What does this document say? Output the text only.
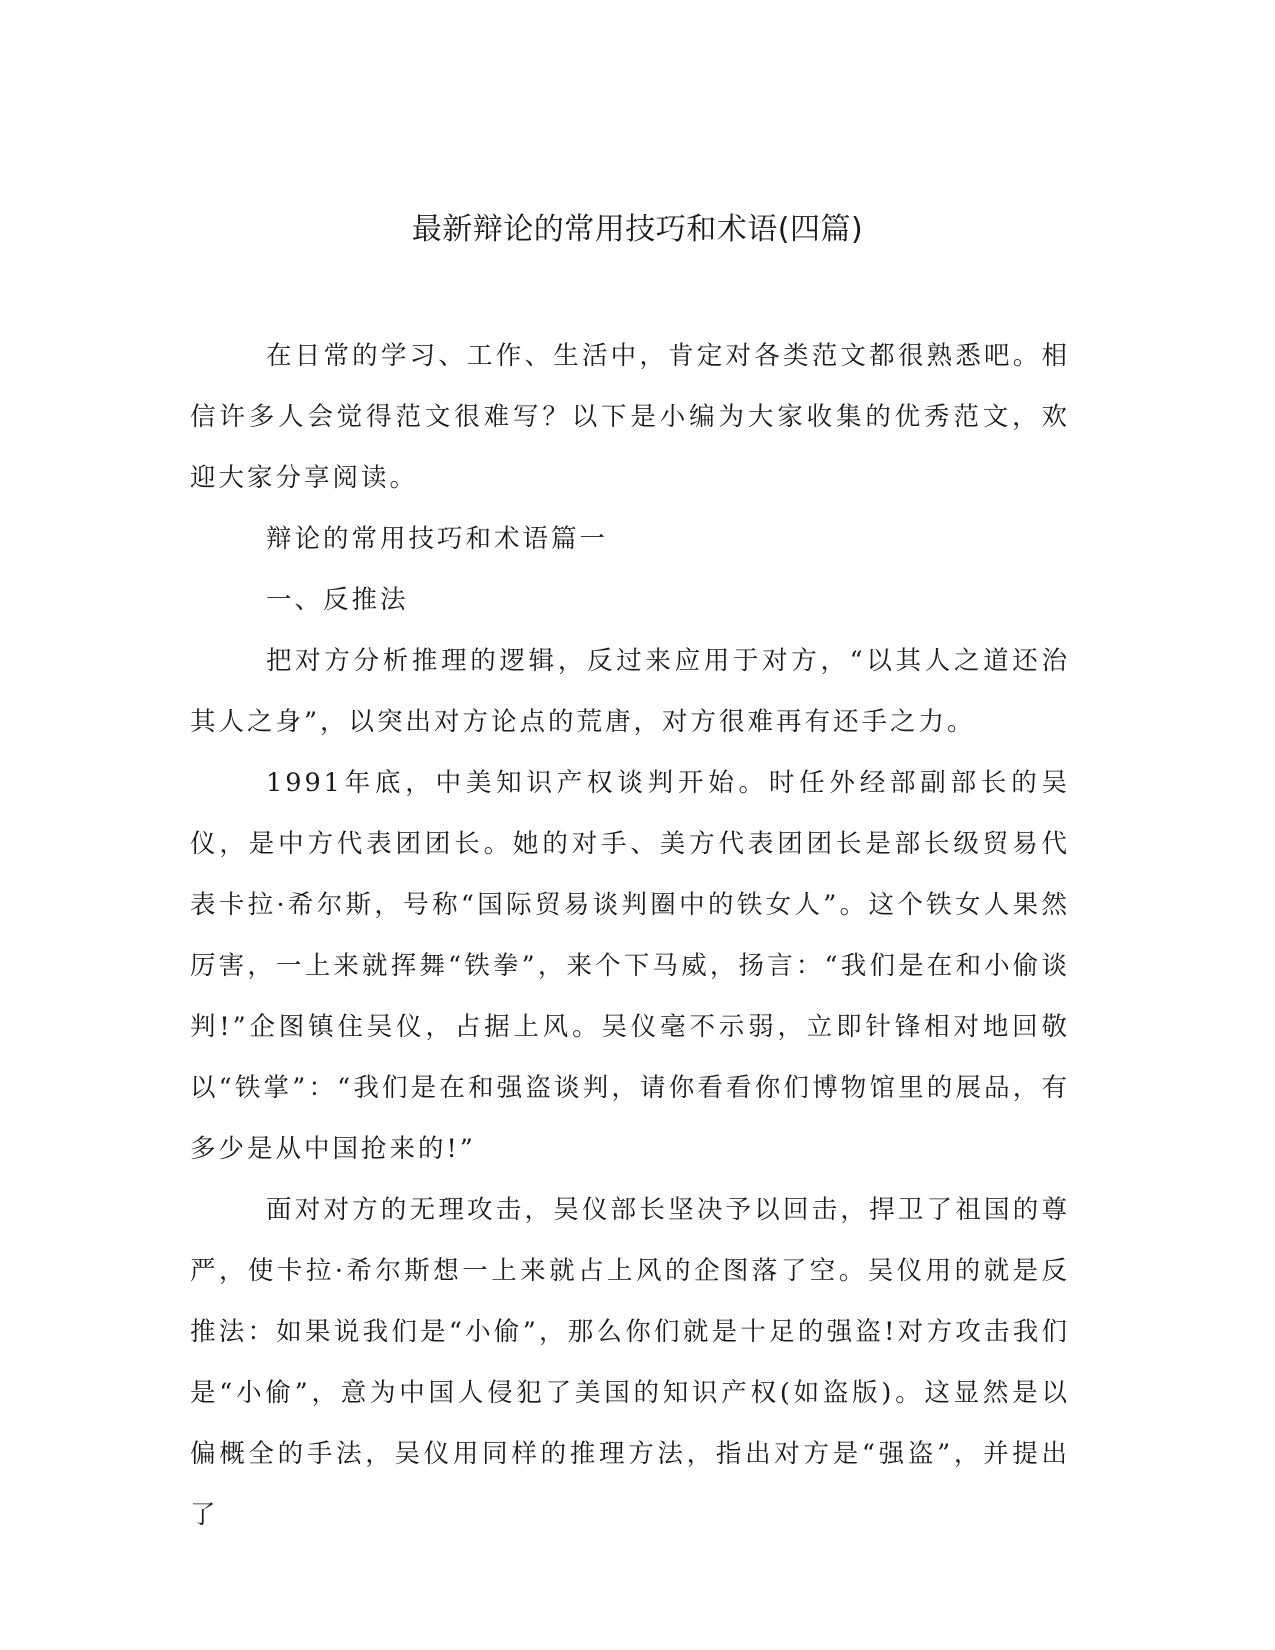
最新辩论的常用技巧和术语(四篇)

在日常的学习、工作、生活中，肯定对各类范文都很熟悉吧。相信许多人会觉得范文很难写？以下是小编为大家收集的优秀范文，欢迎大家分享阅读。

辩论的常用技巧和术语篇一

一、反推法

把对方分析推理的逻辑，反过来应用于对方，“以其人之道还治其人之身”，以突出对方论点的荒唐，对方很难再有还手之力。

1991年底，中美知识产权谈判开始。时任外经部副部长的吴仪，是中方代表团团长。她的对手、美方代表团团长是部长级贸易代表卡拉·希尔斯，号称“国际贸易谈判圈中的铁女人”。这个铁女人果然厉害，一上来就挥舞“铁拳”，来个下马威，扬言：“我们是在和小偷谈判!”企图镇住吴仪，占据上风。吴仪毫不示弱，立即针锋相对地回敬以“铁掌”：“我们是在和强盗谈判，请你看看你们博物馆里的展品，有多少是从中国抢来的!”

面对对方的无理攻击，吴仪部长坚决予以回击，捍卫了祖国的尊严，使卡拉·希尔斯想一上来就占上风的企图落了空。吴仪用的就是反推法：如果说我们是“小偷”，那么你们就是十足的强盗!对方攻击我们是“小偷”，意为中国人侵犯了美国的知识产权(如盗版)。这显然是以偏概全的手法，吴仪用同样的推理方法，指出对方是“强盗”，并提出了
